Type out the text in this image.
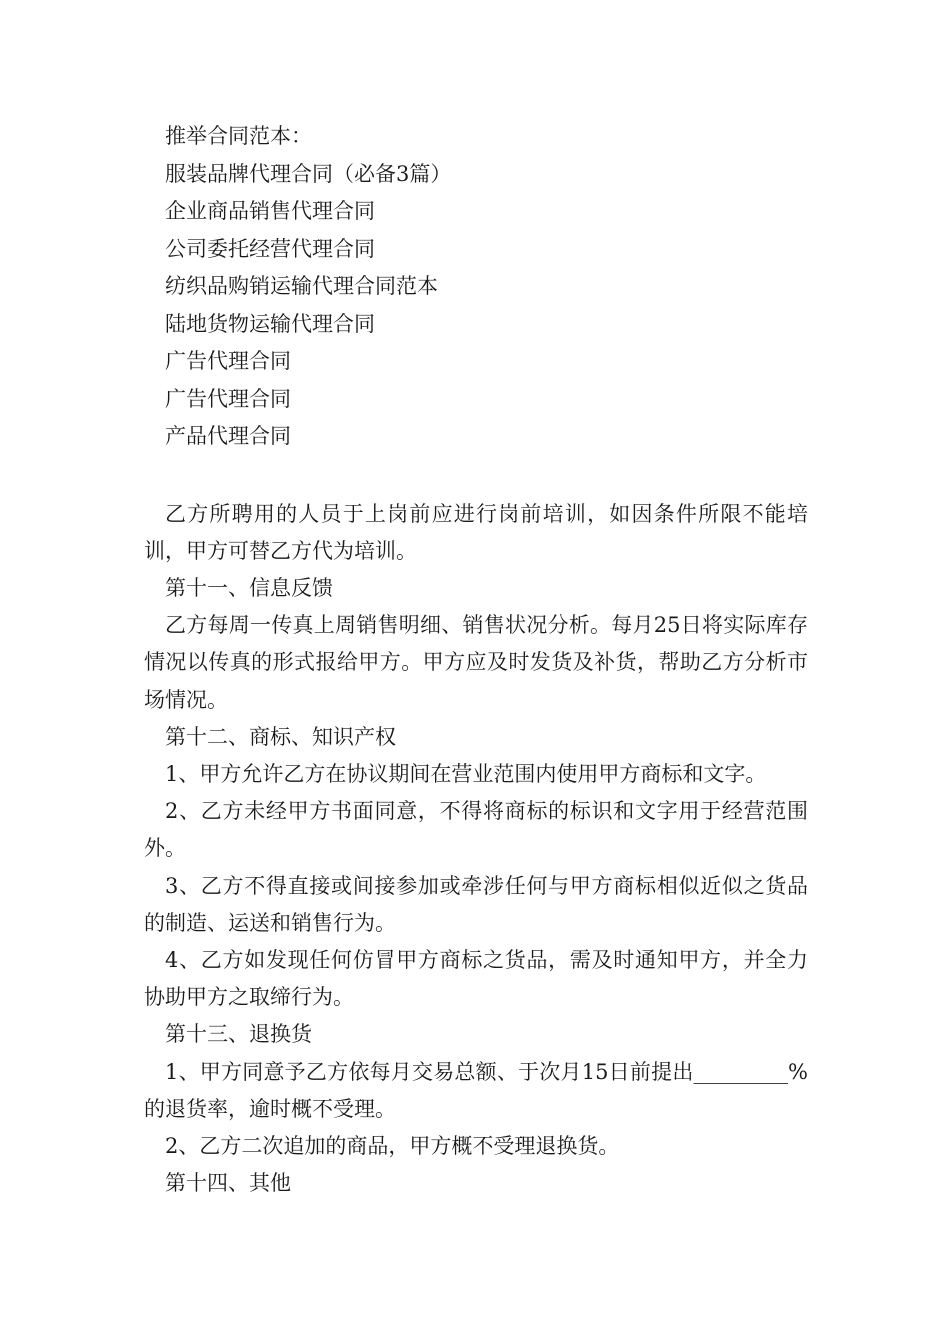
推举合同范本：
服装品牌代理合同（必备3篇）
企业商品销售代理合同
公司委托经营代理合同
纺织品购销运输代理合同范本
陆地货物运输代理合同
广告代理合同
广告代理合同
产品代理合同

乙方所聘用的人员于上岗前应进行岗前培训，如因条件所限不能培训，甲方可替乙方代为培训。

第十一、信息反馈

乙方每周一传真上周销售明细、销售状况分析。每月25日将实际库存情况以传真的形式报给甲方。甲方应及时发货及补货，帮助乙方分析市场情况。

第十二、商标、知识产权

1、甲方允许乙方在协议期间在营业范围内使用甲方商标和文字。

2、乙方未经甲方书面同意，不得将商标的标识和文字用于经营范围外。

3、乙方不得直接或间接参加或牵涉任何与甲方商标相似近似之货品的制造、运送和销售行为。

4、乙方如发现任何仿冒甲方商标之货品，需及时通知甲方，并全力协助甲方之取缔行为。

第十三、退换货

1、甲方同意予乙方依每月交易总额、于次月15日前提出_________%的退货率，逾时概不受理。

2、乙方二次追加的商品，甲方概不受理退换货。

第十四、其他
